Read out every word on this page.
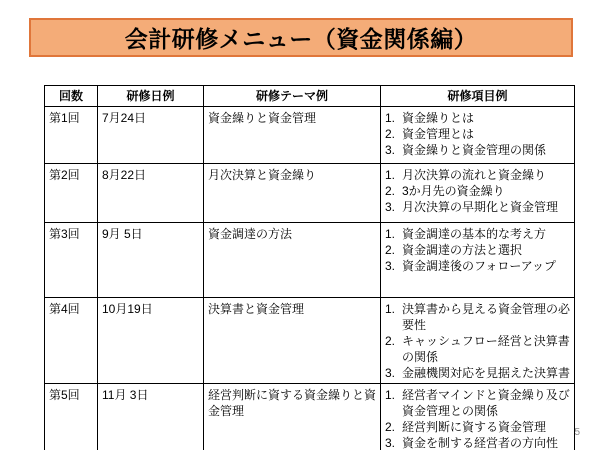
会計研修メニュー（資金関係編）
回数	研修日例	研修テーマ例	研修項目例
第1回	7月24日	資金繰りと資金管理	1. 資金繰りとは
2. 資金管理とは
3. 資金繰りと資金管理の関係

第2回	8月22日	月次決算と資金繰り	1. 月次決算の流れと資金繰り
2. 3か月先の資金繰り
3. 月次決算の早期化と資金管理

第3回	9月 5日	資金調達の方法	1. 資金調達の基本的な考え方
2. 資金調達の方法と選択
3. 資金調達後のフォローアップ

第4回	10月19日	決算書と資金管理	1. 決算書から見える資金管理の必要性
2. キャッシュフロー経営と決算書の関係
3. 金融機関対応を見据えた決算書

第5回	11月 3日	経営判断に資する資金繰りと資金管理	
1. 経営者マインドと資金繰り及び資金管理との関係
2. 経営判断に資する資金管理
3. 資金を制する経営者の方向性
5
